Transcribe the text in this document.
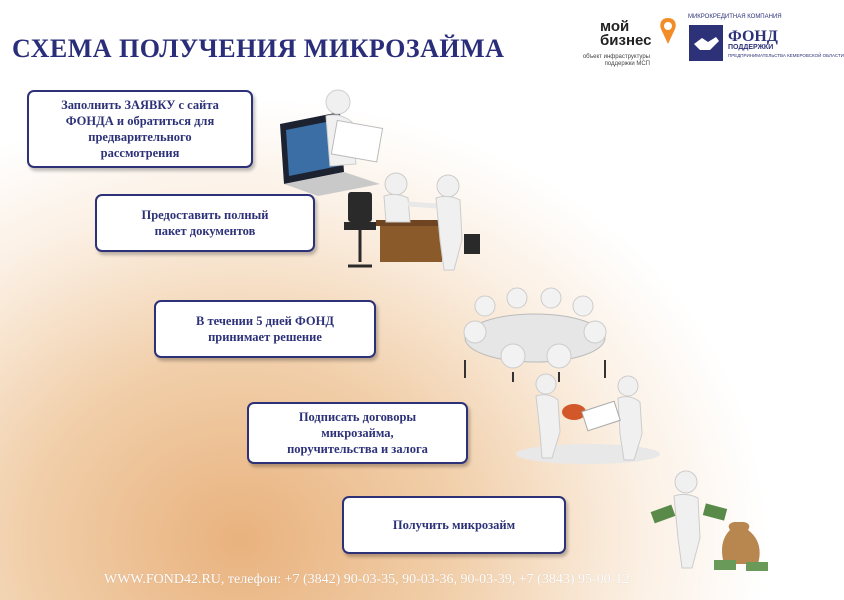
СХЕМА ПОЛУЧЕНИЯ МИКРОЗАЙМА
мой
бизнес
объект инфраструктуры
поддержки МСП
МИКРОКРЕДИТНАЯ КОМПАНИЯ
ФОНД
ПОДДЕРЖКИ
ПРЕДПРИНИМАТЕЛЬСТВА КЕМЕРОВСКОЙ ОБЛАСТИ
Заполнить ЗАЯВКУ с сайта
ФОНДА и обратиться для
предварительного
рассмотрения
Предоставить полный
пакет документов
В течении 5 дней ФОНД
принимает решение
Подписать договоры
микрозайма,
поручительства и залога
Получить микрозайм
WWW.FOND42.RU, телефон: +7 (3842) 90-03-35, 90-03-36, 90-03-39, +7 (3843) 95-00-12
